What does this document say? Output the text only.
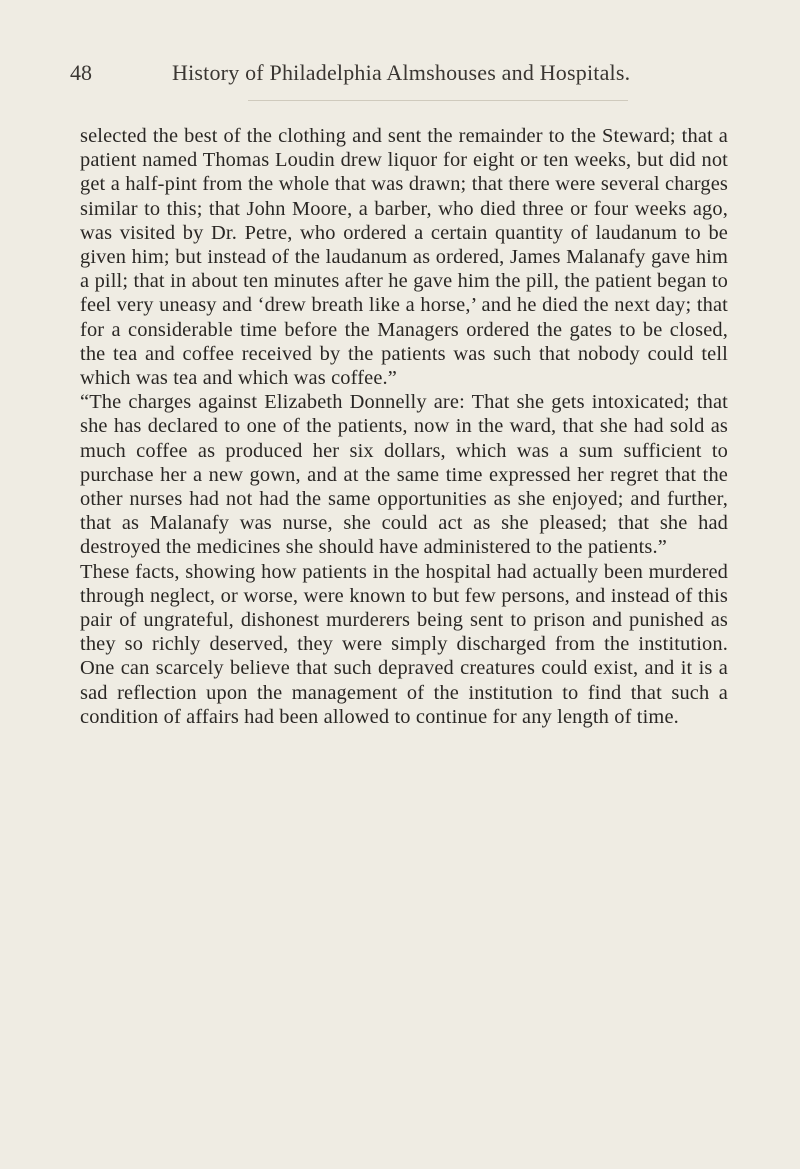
48	History of Philadelphia Almshouses and Hospitals.

selected the best of the clothing and sent the remainder to the Steward; that a patient named Thomas Loudin drew liquor for eight or ten weeks, but did not get a half-pint from the whole that was drawn; that there were several charges similar to this; that John Moore, a barber, who died three or four weeks ago, was visited by Dr. Petre, who ordered a certain quantity of laudanum to be given him; but instead of the laudanum as ordered, James Malanafy gave him a pill; that in about ten minutes after he gave him the pill, the patient began to feel very uneasy and ‘drew breath like a horse,’ and he died the next day; that for a considerable time before the Managers ordered the gates to be closed, the tea and coffee received by the patients was such that nobody could tell which was tea and which was coffee.”

“The charges against Elizabeth Donnelly are: That she gets intoxicated; that she has declared to one of the patients, now in the ward, that she had sold as much coffee as produced her six dollars, which was a sum sufficient to purchase her a new gown, and at the same time expressed her regret that the other nurses had not had the same opportunities as she enjoyed; and further, that as Malanafy was nurse, she could act as she pleased; that she had destroyed the medicines she should have administered to the patients.”

These facts, showing how patients in the hospital had actually been murdered through neglect, or worse, were known to but few persons, and instead of this pair of ungrateful, dishonest murderers being sent to prison and punished as they so richly deserved, they were simply discharged from the institution. One can scarcely believe that such depraved creatures could exist, and it is a sad reflection upon the management of the institution to find that such a condition of affairs had been allowed to continue for any length of time.
